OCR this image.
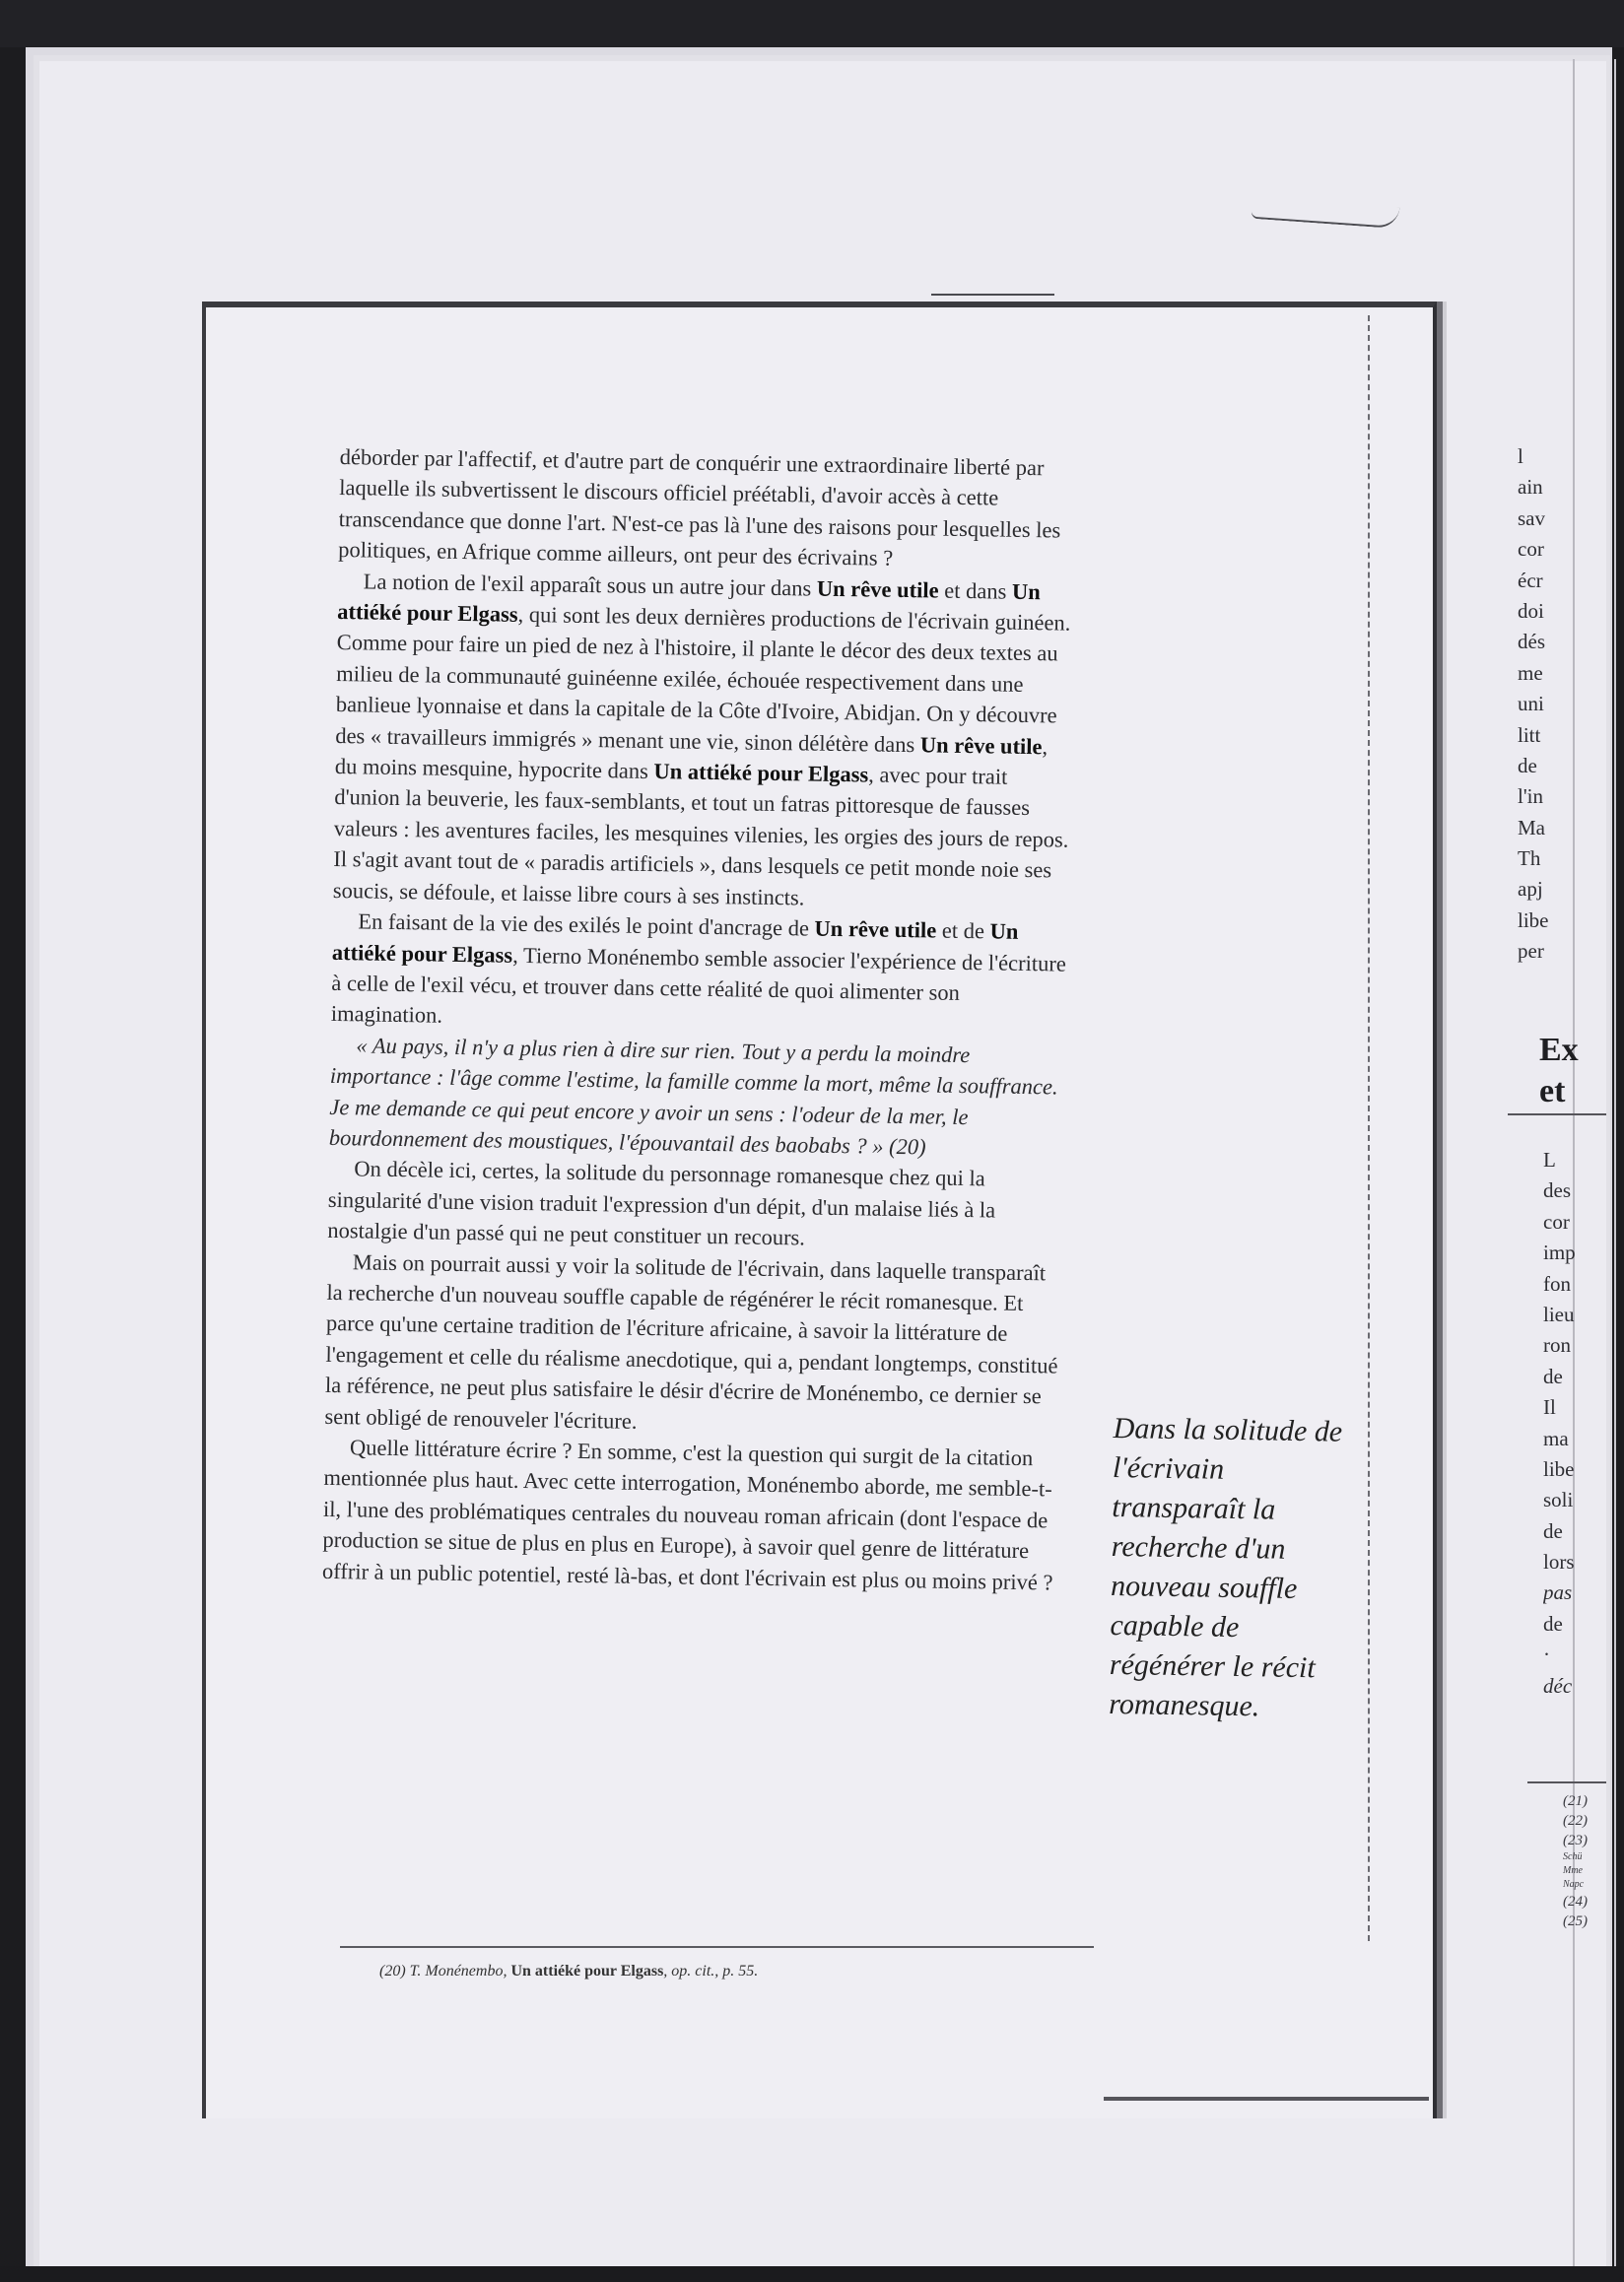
déborder par l'affectif, et d'autre part de conquérir une extraordinaire liberté par laquelle ils subvertissent le discours officiel préétabli, d'avoir accès à cette transcendance que donne l'art. N'est-ce pas là l'une des raisons pour lesquelles les politiques, en Afrique comme ailleurs, ont peur des écrivains ?

La notion de l'exil apparaît sous un autre jour dans Un rêve utile et dans Un attiéké pour Elgass, qui sont les deux dernières productions de l'écrivain guinéen. Comme pour faire un pied de nez à l'histoire, il plante le décor des deux textes au milieu de la communauté guinéenne exilée, échouée respectivement dans une banlieue lyonnaise et dans la capitale de la Côte d'Ivoire, Abidjan. On y découvre des « travailleurs immigrés » menant une vie, sinon délétère dans Un rêve utile, du moins mesquine, hypocrite dans Un attiéké pour Elgass, avec pour trait d'union la beuverie, les faux-semblants, et tout un fatras pittoresque de fausses valeurs : les aventures faciles, les mesquines vilenies, les orgies des jours de repos. Il s'agit avant tout de « paradis artificiels », dans lesquels ce petit monde noie ses soucis, se défoule, et laisse libre cours à ses instincts.

En faisant de la vie des exilés le point d'ancrage de Un rêve utile et de Un attiéké pour Elgass, Tierno Monénembo semble associer l'expérience de l'écriture à celle de l'exil vécu, et trouver dans cette réalité de quoi alimenter son imagination.

« Au pays, il n'y a plus rien à dire sur rien. Tout y a perdu la moindre importance : l'âge comme l'estime, la famille comme la mort, même la souffrance. Je me demande ce qui peut encore y avoir un sens : l'odeur de la mer, le bourdonnement des moustiques, l'épouvantail des baobabs ? » (20)

On décèle ici, certes, la solitude du personnage romanesque chez qui la singularité d'une vision traduit l'expression d'un dépit, d'un malaise liés à la nostalgie d'un passé qui ne peut constituer un recours.

Mais on pourrait aussi y voir la solitude de l'écrivain, dans laquelle transparaît la recherche d'un nouveau souffle capable de régénérer le récit romanesque. Et parce qu'une certaine tradition de l'écriture africaine, à savoir la littérature de l'engagement et celle du réalisme anecdotique, qui a, pendant longtemps, constitué la référence, ne peut plus satisfaire le désir d'écrire de Monénembo, ce dernier se sent obligé de renouveler l'écriture.

Quelle littérature écrire ? En somme, c'est la question qui surgit de la citation mentionnée plus haut. Avec cette interrogation, Monénembo aborde, me semble-t-il, l'une des problématiques centrales du nouveau roman africain (dont l'espace de production se situe de plus en plus en Europe), à savoir quel genre de littérature offrir à un public potentiel, resté là-bas, et dont l'écrivain est plus ou moins privé ?

Dans la solitude de l'écrivain transparaît la recherche d'un nouveau souffle capable de régénérer le récit romanesque.
(20) T. Monénembo, Un attiéké pour Elgass, op. cit., p. 55.
l
ain
sav
cor
écr
doi
dés
me
uni
litt
de
l'in
Ma
Th
apj
libe
per
Ex
et
L
des
cor
imp
fon
lieu
ron
de
Il
ma
libe
soli
de
lors
pas
de
·
déc
(21)
(22)
(23)
Schü
Mme
Napc
(24)
(25)
